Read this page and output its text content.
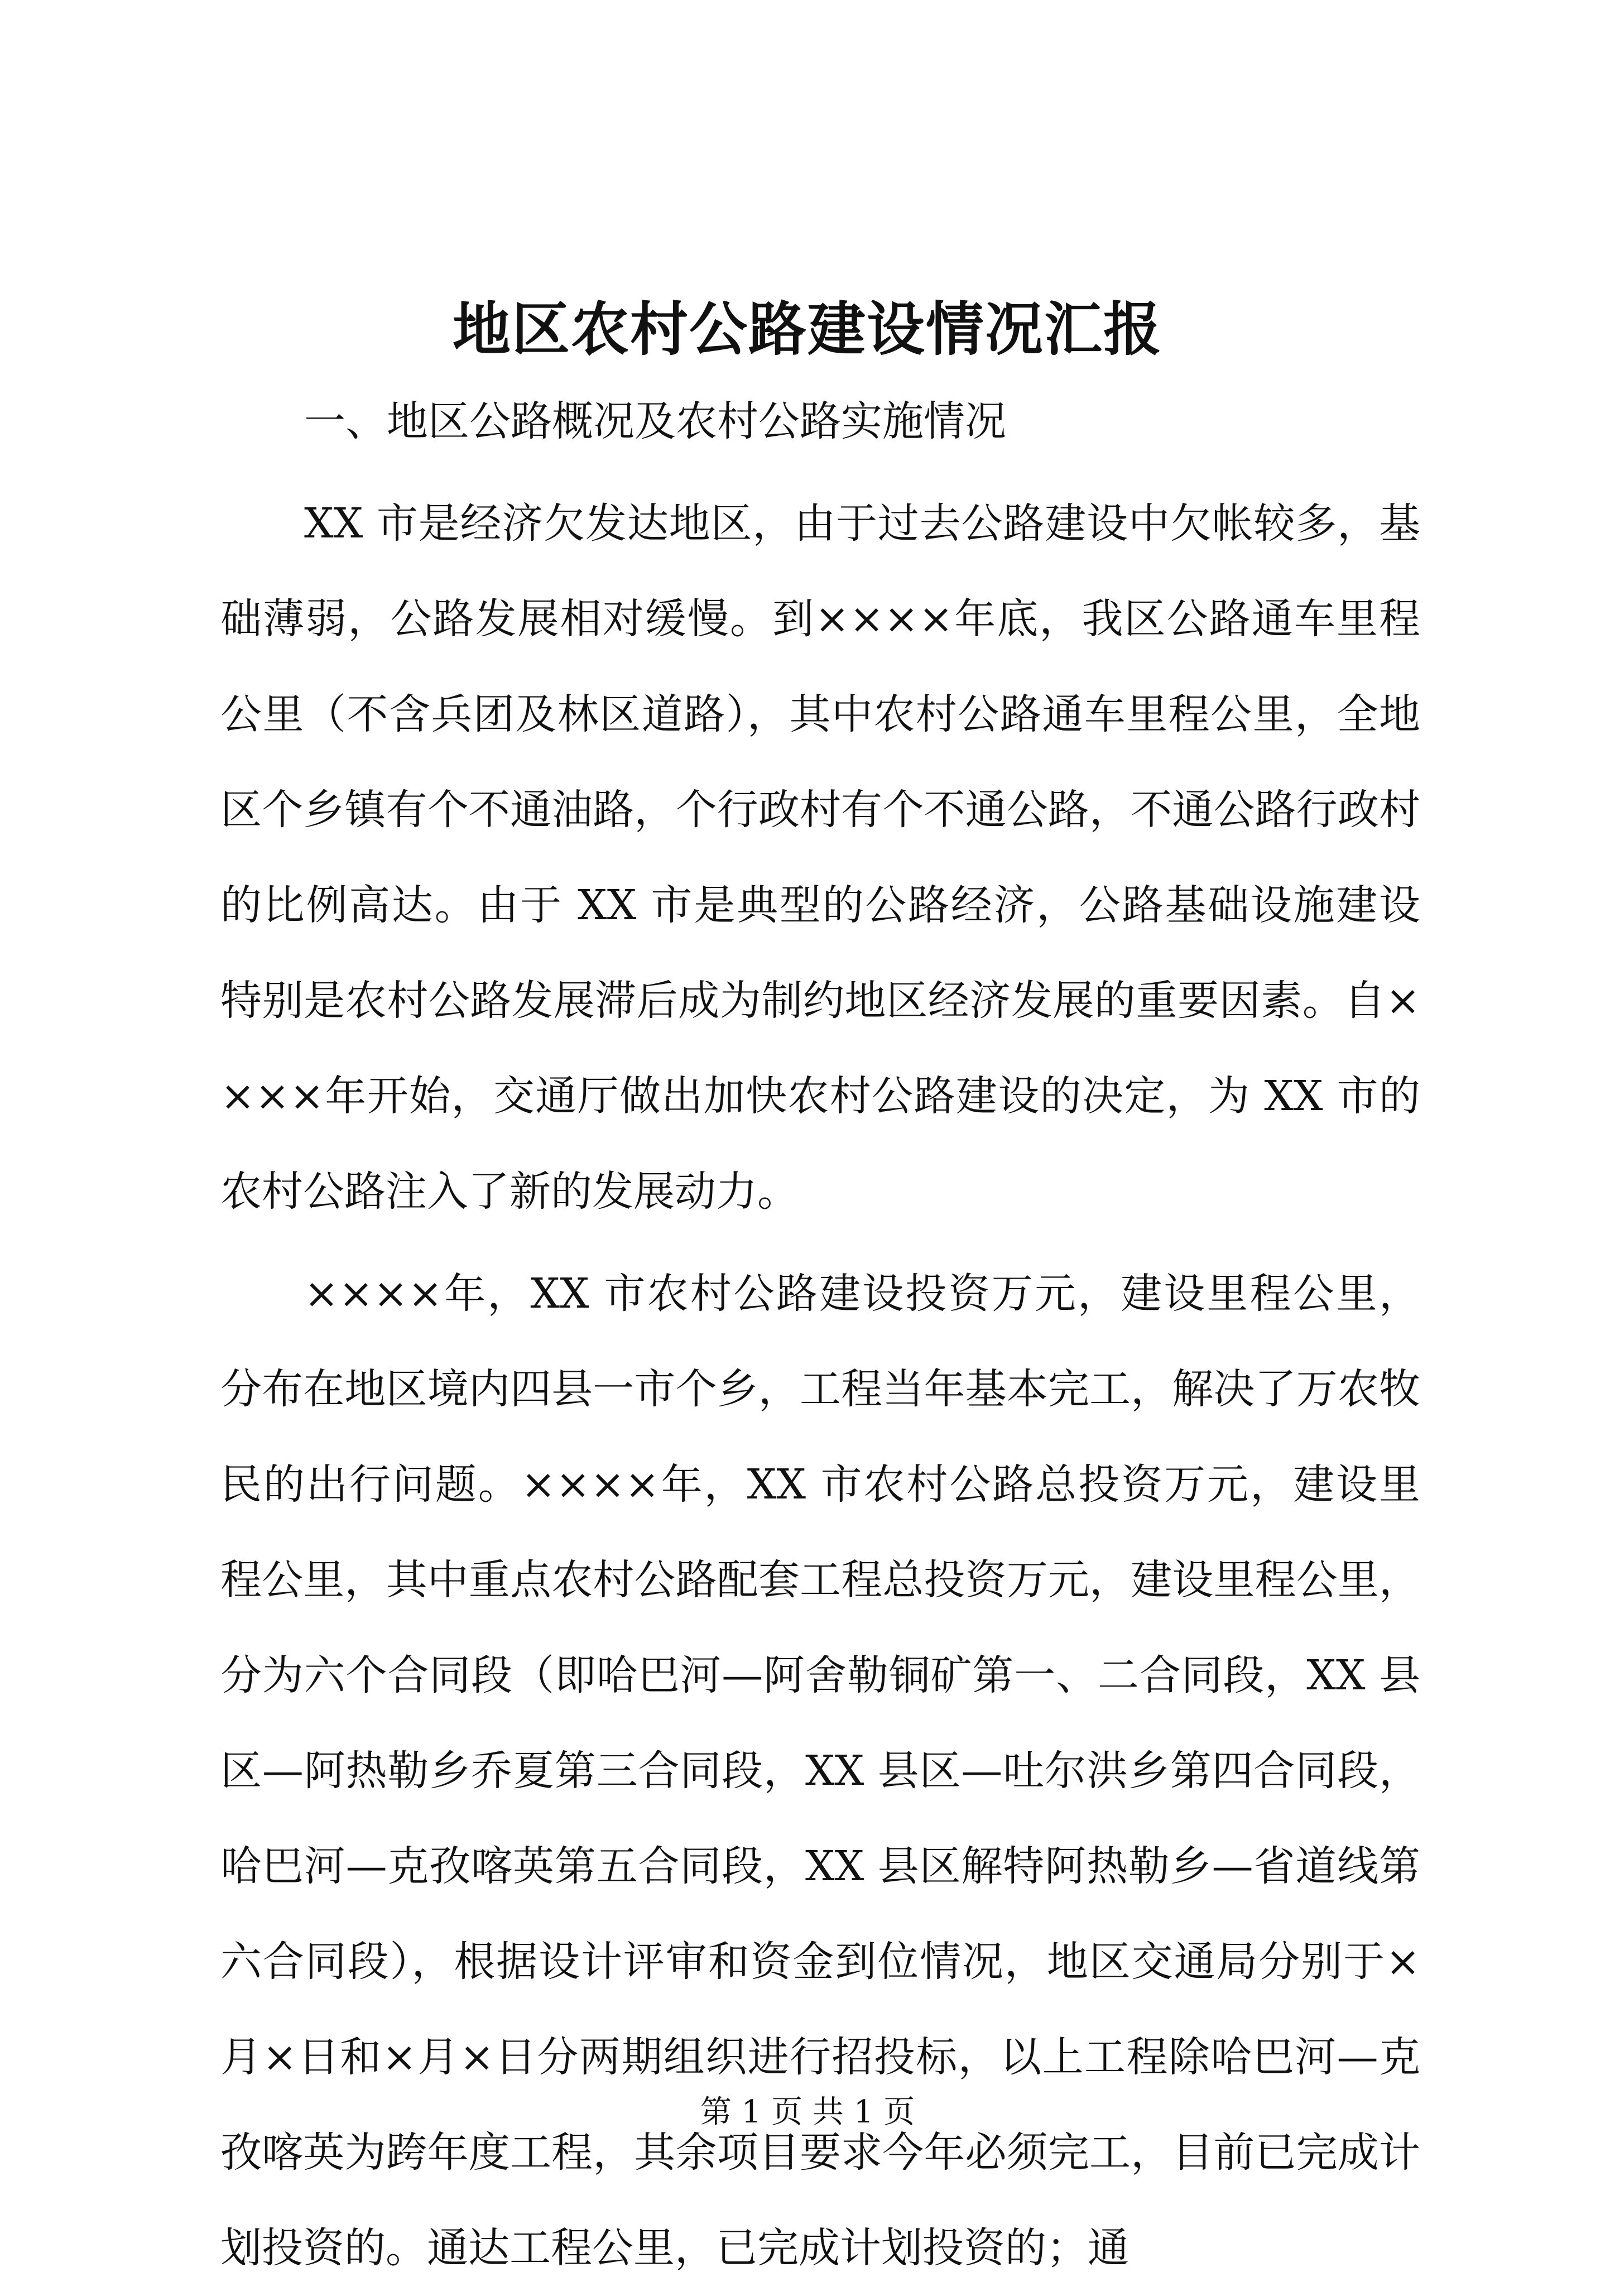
地区农村公路建设情况汇报

一、地区公路概况及农村公路实施情况

XX 市是经济欠发达地区，由于过去公路建设中欠帐较多，基础薄弱，公路发展相对缓慢。到××××年底，我区公路通车里程公里（不含兵团及林区道路），其中农村公路通车里程公里，全地区个乡镇有个不通油路，个行政村有个不通公路，不通公路行政村的比例高达。由于 XX 市是典型的公路经济，公路基础设施建设特别是农村公路发展滞后成为制约地区经济发展的重要因素。自××××年开始，交通厅做出加快农村公路建设的决定，为 XX 市的农村公路注入了新的发展动力。

××××年，XX 市农村公路建设投资万元，建设里程公里，分布在地区境内四县一市个乡，工程当年基本完工，解决了万农牧民的出行问题。××××年，XX 市农村公路总投资万元，建设里程公里，其中重点农村公路配套工程总投资万元，建设里程公里，分为六个合同段（即哈巴河—阿舍勒铜矿第一、二合同段，XX 县区—阿热勒乡乔夏第三合同段，XX 县区—吐尔洪乡第四合同段，哈巴河—克孜喀英第五合同段，XX 县区解特阿热勒乡—省道线第六合同段），根据设计评审和资金到位情况，地区交通局分别于×月×日和×月×日分两期组织进行招投标，以上工程除哈巴河—克孜喀英为跨年度工程，其余项目要求今年必须完工，目前已完成计划投资的。通达工程公里，已完成计划投资的；通

第 1 页 共 1 页
